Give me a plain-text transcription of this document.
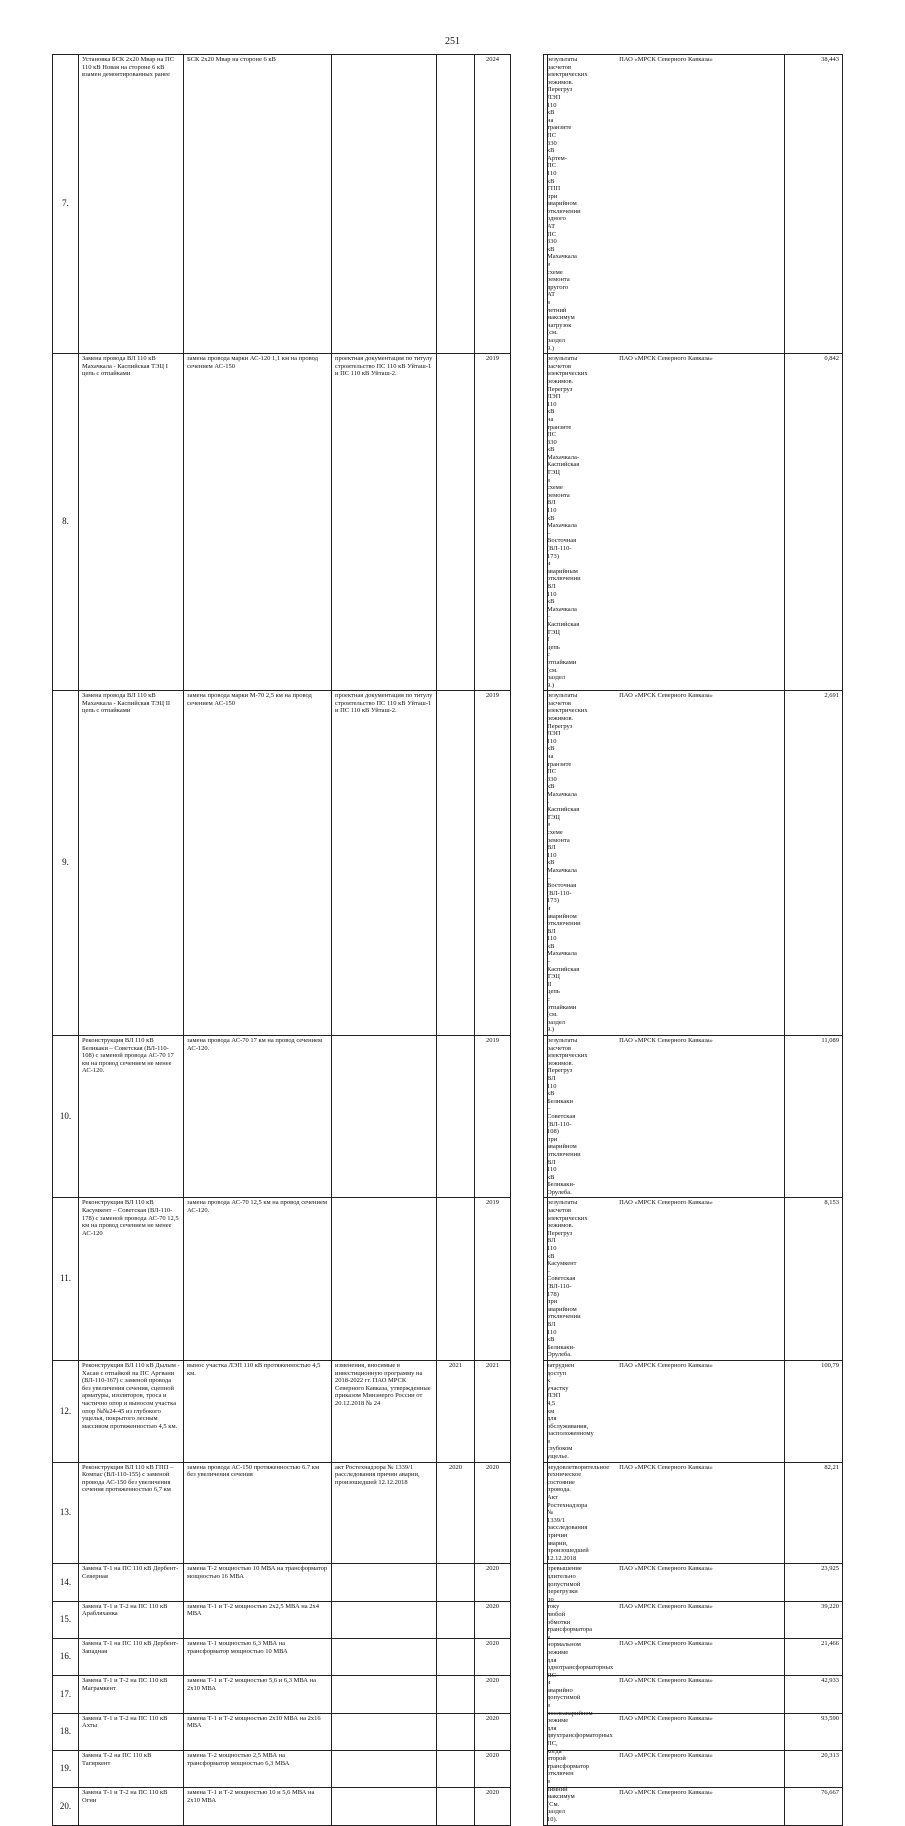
251
7.	Установка БСК 2х20 Мвар на ПС 110 кВ Новая на стороне 6 кВ взамен демонтированных ранее	БСК 2х20 Мвар на стороне 6 кВ			2024		результаты расчетов электрических режимов. Перегруз ЛЭП 110 кВ на транзите ПС 330 кВ Артем-ПС 110 кВ ГПП при аварийном отключении одного АТ ПС 330 кВ Махачкала в схеме ремонта другого АТ в летний максимум нагрузок (см. раздел 9.)	ПАО «МРСК Северного Кавказа»	38,443
8.	Замена провода ВЛ 110 кВ Махачкала - Каспийская ТЭЦ I цепь с отпайками	замена провода марки АС-120 1,1 км на провод сечением АС-150	проектная документация по титулу строительство ПС 110 кВ Уйташ-1 и ПС 110 кВ Уйташ-2.		2019		результаты расчетов электрических режимов. Перегруз ЛЭП 110 кВ на транзите ПС 330 кВ Махачкала-Каспийская ТЭЦ в схеме ремонта ВЛ 110 кВ Махачкала – Восточная (ВЛ-110-173) и аварийным отключении ВЛ 110 кВ Махачкала – Каспийская ТЭЦ I цепь с отпайками (см. раздел 9.)	ПАО «МРСК Северного Кавказа»	0,842
9.	Замена провода ВЛ 110 кВ Махачкала - Каспийская ТЭЦ II цепь с отпайками	замена провода марки М-70 2,5 км на провод сечением АС-150	проектная документация по титулу строительство ПС 110 кВ Уйташ-1 и ПС 110 кВ Уйташ-2.		2019		результаты расчетов электрических режимов. Перегруз ЛЭП 110 кВ на транзите ПС 330 кВ Махачкала - Каспийская ТЭЦ в схеме ремонта ВЛ 110 кВ Махачкала – Восточная (ВЛ-110-173) и аварийном отключении ВЛ 110 кВ Махачкала – Каспийская ТЭЦ II цепь с отпайками (см. раздел 9.)	ПАО «МРСК Северного Кавказа»	2,691
10.	Реконструкция ВЛ 110 кВ Беликаки – Советская (ВЛ-110-108) с заменой провода АС-70 17 км на провод сечением не менее АС-120.	замена провода АС-70 17 км на провод сечением АС-120.			2019		результаты расчетов электрических режимов. Перегруз ВЛ 110 кВ Беликаки – Советская (ВЛ-110-108) при аварийном отключении ВЛ 110 кВ Беликаки-Орулеба.	ПАО «МРСК Северного Кавказа»	11,089
11.	Реконструкция ВЛ 110 кВ Касумкент – Советская (ВЛ-110-178) с заменой провода АС-70 12,5 км на провод сечением не менее АС-120	замена провода АС-70 12,5 км на провод сечением АС-120.			2019		результаты расчетов электрических режимов. Перегруз ВЛ 110 кВ Касумкент – Советская (ВЛ-110-178) при аварийном отключении ВЛ 110 кВ Беликаки-Орулеба.	ПАО «МРСК Северного Кавказа»	8,153
12.	Реконструкция ВЛ 110 кВ Дылым - Хасаи с отпайкой на ПС Аргвани (ВЛ-110-167) с заменой провода без увеличения сечения, сцепной арматуры, изоляторов, троса и частично опор и выносом участка опор №№24-45 из глубокого ущелья, покрытого лесным массивом протяженностью 4,5 км.	вынос участка ЛЭП 110 кВ протяженностью 4,5 км.	изменения, вносимые в инвестиционную программу на 2018-2022 гг. ПАО МРСК Северного Кавказа, утвержденные приказом Минэнерго России от 20.12.2018 № 24	2021	2021		затруднен доступ к участку ЛЭП 4,5 км для обслуживания, расположенному в глубоком ущелье.	ПАО «МРСК Северного Кавказа»	100,79
13.	Реконструкция ВЛ 110 кВ ГПП – Компас (ВЛ-110-155) с заменой провода АС-150 без увеличения сечения протяженностью 6,7 км	замена провода АС-150 протяженностью 6.7 км без увеличения сечения	акт Ростехнадзора № 1339/1 расследования причин аварии, произошедшей 12.12.2018	2020	2020		неудовлетворительное техническое состояние провода. Акт Ростехнадзора № 1339/1 расследования причин аварии, произошедшей 12.12.2018	ПАО «МРСК Северного Кавказа»	82,21
14.	Замена Т-1 на ПС 110 кВ Дербент-Северная	замена Т-2 мощностью 10 МВА на трансформатор мощностью 16 МВА			2020		превышение длительно допустимой перегрузки по току любой обмотки трансформатора в нормальном режиме для однотрансформаторных ПС и аварийно допустимой в послеаварийном режиме для двухтрансформаторных ПС, когда второй трансформатор отключен в зимний максимум (См. раздел 10).	ПАО «МРСК Северного Кавказа»	23,925
15.	Замена Т-1 и Т-2 на ПС 110 кВ Арабляханка	замена Т-1 и Т-2 мощностью 2х2,5 МВА на 2х4 МВА			2020			ПАО «МРСК Северного Кавказа»	39,220
16.	Замена Т-1 на ПС 110 кВ Дербент-Западная	замена Т-1 мощностью 6,3 МВА на трансформатор мощностью 10 МВА			2020			ПАО «МРСК Северного Кавказа»	21,466
17.	Замена Т-1 и Т-2 на ПС 110 кВ Маграмкент	замена Т-1 и Т-2 мощностью 5,6 и 6,3 МВА на 2х10 МВА			2020			ПАО «МРСК Северного Кавказа»	42,933
18.	Замена Т-1 и Т-2 на ПС 110 кВ Ахты	замена Т-1 и Т-2 мощностью 2х10 МВА на 2х16 МВА			2020			ПАО «МРСК Северного Кавказа»	93,590
19.	Замена Т-2 на ПС 110 кВ Тагиркент	замена Т-2 мощностью 2,5 МВА на трансформатор мощностью 6,3 МВА			2020			ПАО «МРСК Северного Кавказа»	20,313
20.	Замена Т-1 и Т-2 на ПС 110 кВ Огни	замена Т-1 и Т-2 мощностью 10 и 5,6 МВА на 2х10 МВА			2020			ПАО «МРСК Северного Кавказа»	76,667
